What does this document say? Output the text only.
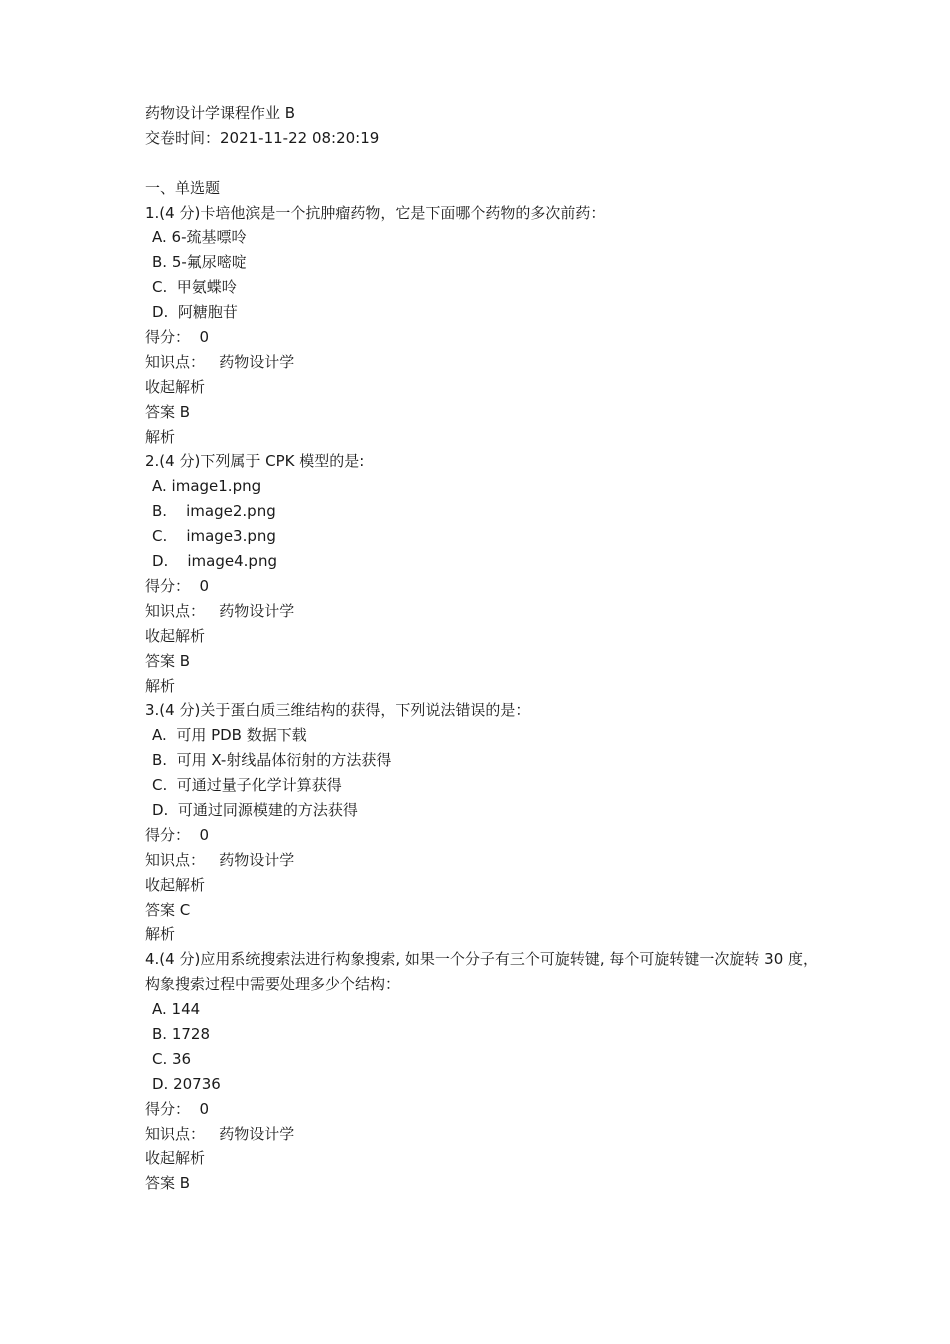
药物设计学课程作业 B
交卷时间：2021-11-22 08:20:19
一、单选题
1.(4 分)卡培他滨是一个抗肿瘤药物，它是下面哪个药物的多次前药：
A. 6-巯基嘌呤
B. 5-氟尿嘧啶
C.  甲氨蝶呤
D.  阿糖胞苷
得分：  0
知识点：   药物设计学
收起解析
答案 B
解析
2.(4 分)下列属于 CPK 模型的是:
A. image1.png
B.    image2.png
C.    image3.png
D.    image4.png
得分：  0
知识点：   药物设计学
收起解析
答案 B
解析
3.(4 分)关于蛋白质三维结构的获得，下列说法错误的是：
A.  可用 PDB 数据下载
B.  可用 X-射线晶体衍射的方法获得
C.  可通过量子化学计算获得
D.  可通过同源模建的方法获得
得分：  0
知识点：   药物设计学
收起解析
答案 C
解析
4.(4 分)应用系统搜索法进行构象搜索, 如果一个分子有三个可旋转键, 每个可旋转键一次旋转 30 度，构象搜索过程中需要处理多少个结构：
A. 144
B. 1728
C. 36
D. 20736
得分：  0
知识点：   药物设计学
收起解析
答案 B
